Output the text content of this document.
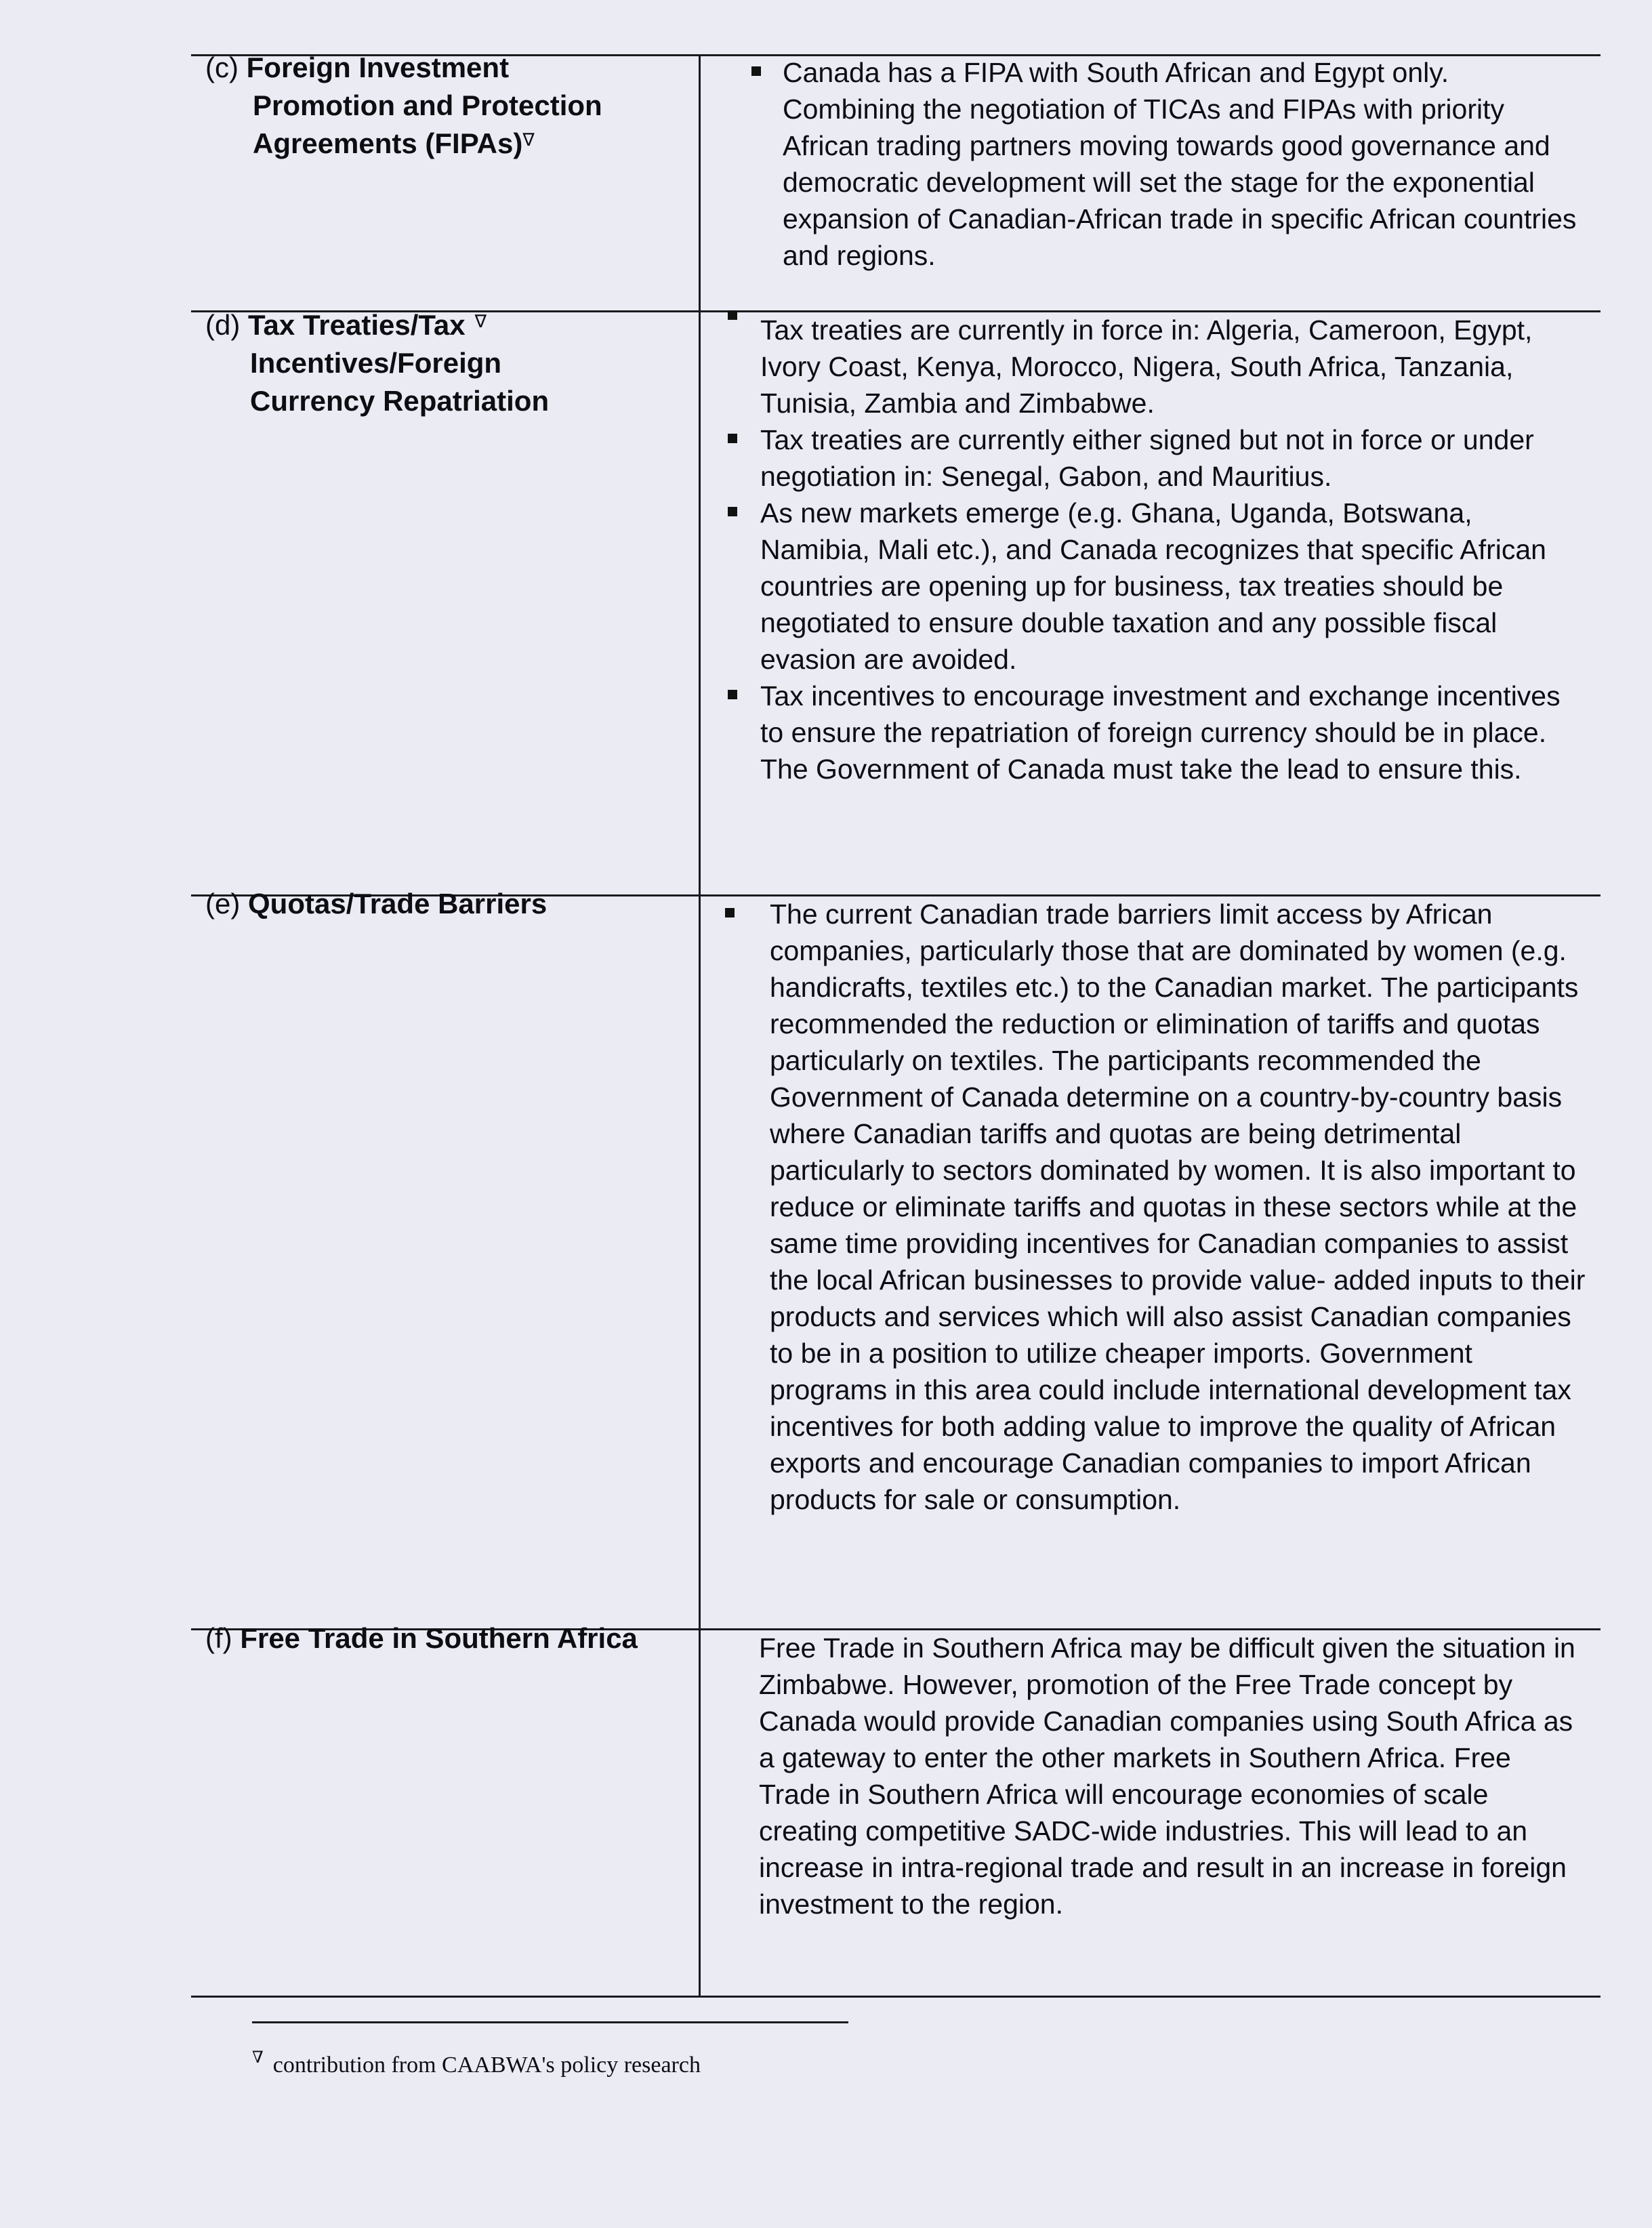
(c) Foreign Investment
Promotion and Protection
Agreements (FIPAs)∇
Canada has a FIPA with South African and Egypt only. Combining the negotiation of TICAs and FIPAs with priority African trading partners moving towards good governance and democratic development will set the stage for the exponential expansion of Canadian-African trade in specific African countries and regions.
(d) Tax Treaties/Tax ∇
Incentives/Foreign
Currency Repatriation
Tax treaties are currently in force in: Algeria, Cameroon, Egypt, Ivory Coast, Kenya, Morocco, Nigera, South Africa, Tanzania, Tunisia, Zambia and Zimbabwe.
Tax treaties are currently either signed but not in force or under negotiation in: Senegal, Gabon, and Mauritius.
As new markets emerge (e.g. Ghana, Uganda, Botswana, Namibia, Mali etc.), and Canada recognizes that specific African countries are opening up for business, tax treaties should be negotiated to ensure double taxation and any possible fiscal evasion are avoided.
Tax incentives to encourage investment and exchange incentives to ensure the repatriation of foreign currency should be in place. The Government of Canada must take the lead to ensure this.
(e) Quotas/Trade Barriers	The current Canadian trade barriers limit access by African companies, particularly those that are dominated by women (e.g. handicrafts, textiles etc.) to the Canadian market. The participants recommended the reduction or elimination of tariffs and quotas particularly on textiles. The participants recommended the Government of Canada determine on a country-by-country basis where Canadian tariffs and quotas are being detrimental particularly to sectors dominated by women. It is also important to reduce or eliminate tariffs and quotas in these sectors while at the same time providing incentives for Canadian companies to assist the local African businesses to provide value- added inputs to their products and services which will also assist Canadian companies to be in a position to utilize cheaper imports. Government programs in this area could include international development tax incentives for both adding value to improve the quality of African exports and encourage Canadian companies to import African products for sale or consumption.
(f) Free Trade in Southern Africa	Free Trade in Southern Africa may be difficult given the situation in Zimbabwe. However, promotion of the Free Trade concept by Canada would provide Canadian companies using South Africa as a gateway to enter the other markets in Southern Africa. Free Trade in Southern Africa will encourage economies of scale creating competitive SADC-wide industries. This will lead to an increase in intra-regional trade and result in an increase in foreign investment to the region.
∇ contribution from CAABWA's policy research
